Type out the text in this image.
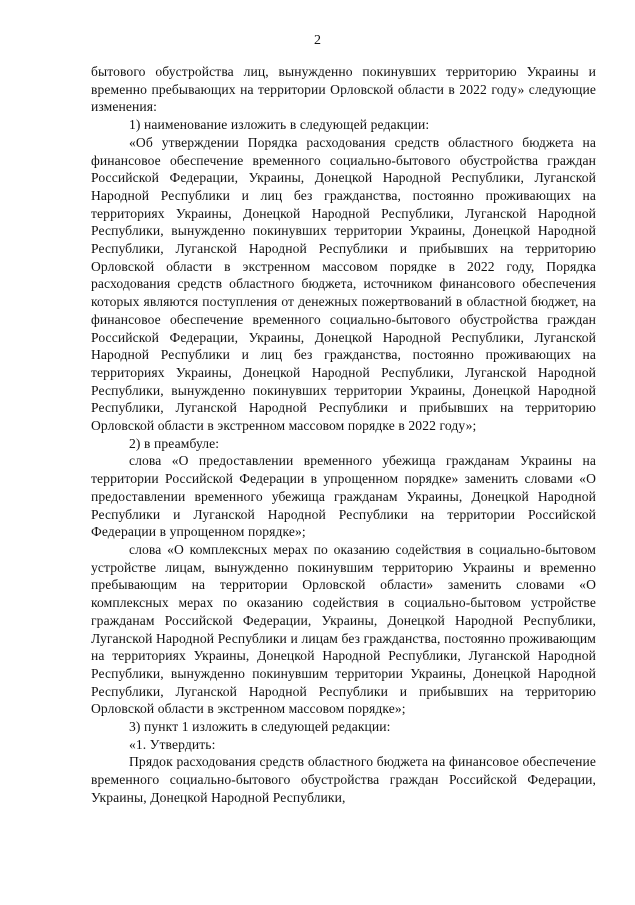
2

бытового обустройства лиц, вынужденно покинувших территорию Украины и временно пребывающих на территории Орловской области в 2022 году» следующие изменения:

1) наименование изложить в следующей редакции:

«Об утверждении Порядка расходования средств областного бюджета на финансовое обеспечение временного социально-бытового обустройства граждан Российской Федерации, Украины, Донецкой Народной Республики, Луганской Народной Республики и лиц без гражданства, постоянно проживающих на территориях Украины, Донецкой Народной Республики, Луганской Народной Республики, вынужденно покинувших территории Украины, Донецкой Народной Республики, Луганской Народной Республики и прибывших на территорию Орловской области в экстренном массовом порядке в 2022 году, Порядка расходования средств областного бюджета, источником финансового обеспечения которых являются поступления от денежных пожертвований в областной бюджет, на финансовое обеспечение временного социально-бытового обустройства граждан Российской Федерации, Украины, Донецкой Народной Республики, Луганской Народной Республики и лиц без гражданства, постоянно проживающих на территориях Украины, Донецкой Народной Республики, Луганской Народной Республики, вынужденно покинувших территории Украины, Донецкой Народной Республики, Луганской Народной Республики и прибывших на территорию Орловской области в экстренном массовом порядке в 2022 году»;

2) в преамбуле:

слова «О предоставлении временного убежища гражданам Украины на территории Российской Федерации в упрощенном порядке» заменить словами «О предоставлении временного убежища гражданам Украины, Донецкой Народной Республики и Луганской Народной Республики на территории Российской Федерации в упрощенном порядке»;

слова «О комплексных мерах по оказанию содействия в социально-бытовом устройстве лицам, вынужденно покинувшим территорию Украины и временно пребывающим на территории Орловской области» заменить словами «О комплексных мерах по оказанию содействия в социально-бытовом устройстве гражданам Российской Федерации, Украины, Донецкой Народной Республики, Луганской Народной Республики и лицам без гражданства, постоянно проживающим на территориях Украины, Донецкой Народной Республики, Луганской Народной Республики, вынужденно покинувшим территории Украины, Донецкой Народной Республики, Луганской Народной Республики и прибывших на территорию Орловской области в экстренном массовом порядке»;

3) пункт 1 изложить в следующей редакции:

«1. Утвердить:

Прядок расходования средств областного бюджета на финансовое обеспечение временного социально-бытового обустройства граждан Российской Федерации, Украины, Донецкой Народной Республики,
